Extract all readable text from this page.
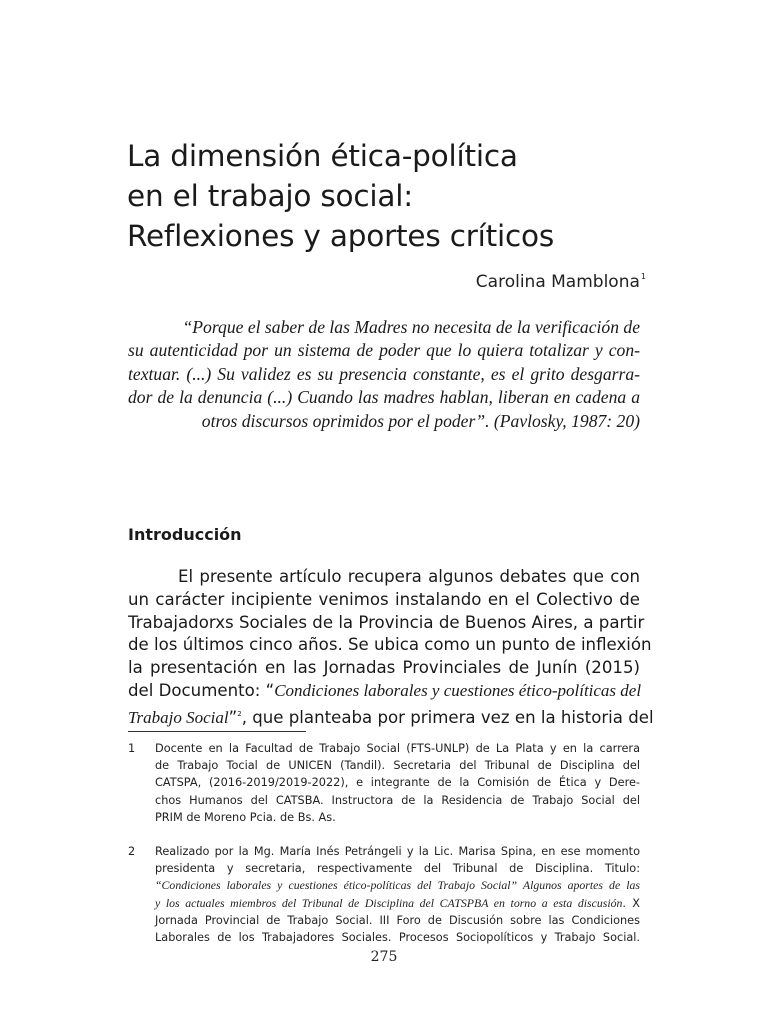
La dimensión ética-política
en el trabajo social:
Reflexiones y aportes críticos
Carolina Mamblona$^1$
“Porque el saber de las Madres no necesita de la verificación de
su autenticidad por un sistema de poder que lo quiera totalizar y con-
textuar. (...) Su validez es su presencia constante, es el grito desgarra-
dor de la denuncia (...) Cuando las madres hablan, liberan en cadena a
otros discursos oprimidos por el poder”. (Pavlosky, 1987: 20)
Introducción
El presente artículo recupera algunos debates que con
un carácter incipiente venimos instalando en el Colectivo de
Trabajadorxs Sociales de la Provincia de Buenos Aires, a partir
de los últimos cinco años. Se ubica como un punto de inflexión
la presentación en las Jornadas Provinciales de Junín (2015)
del Documento: “Condiciones laborales y cuestiones ético-políticas del
Trabajo Social”$^2$, que planteaba por primera vez en la historia del
1 Docente en la Facultad de Trabajo Social (FTS-UNLP) de La Plata y en la carrera
de Trabajo Tocial de UNICEN (Tandil). Secretaria del Tribunal de Disciplina del
CATSPA, (2016-2019/2019-2022), e integrante de la Comisión de Ética y Dere-
chos Humanos del CATSBA. Instructora de la Residencia de Trabajo Social del
PRIM de Moreno Pcia. de Bs. As.
2 Realizado por la Mg. María Inés Petrángeli y la Lic. Marisa Spina, en ese momento
presidenta y secretaria, respectivamente del Tribunal de Disciplina. Titulo:
“Condiciones laborales y cuestiones ético-políticas del Trabajo Social” Algunos aportes de las
y los actuales miembros del Tribunal de Disciplina del CATSPBA en torno a esta discusión. X
Jornada Provincial de Trabajo Social. III Foro de Discusión sobre las Condiciones
Laborales de los Trabajadores Sociales. Procesos Sociopolíticos y Trabajo Social.
275
